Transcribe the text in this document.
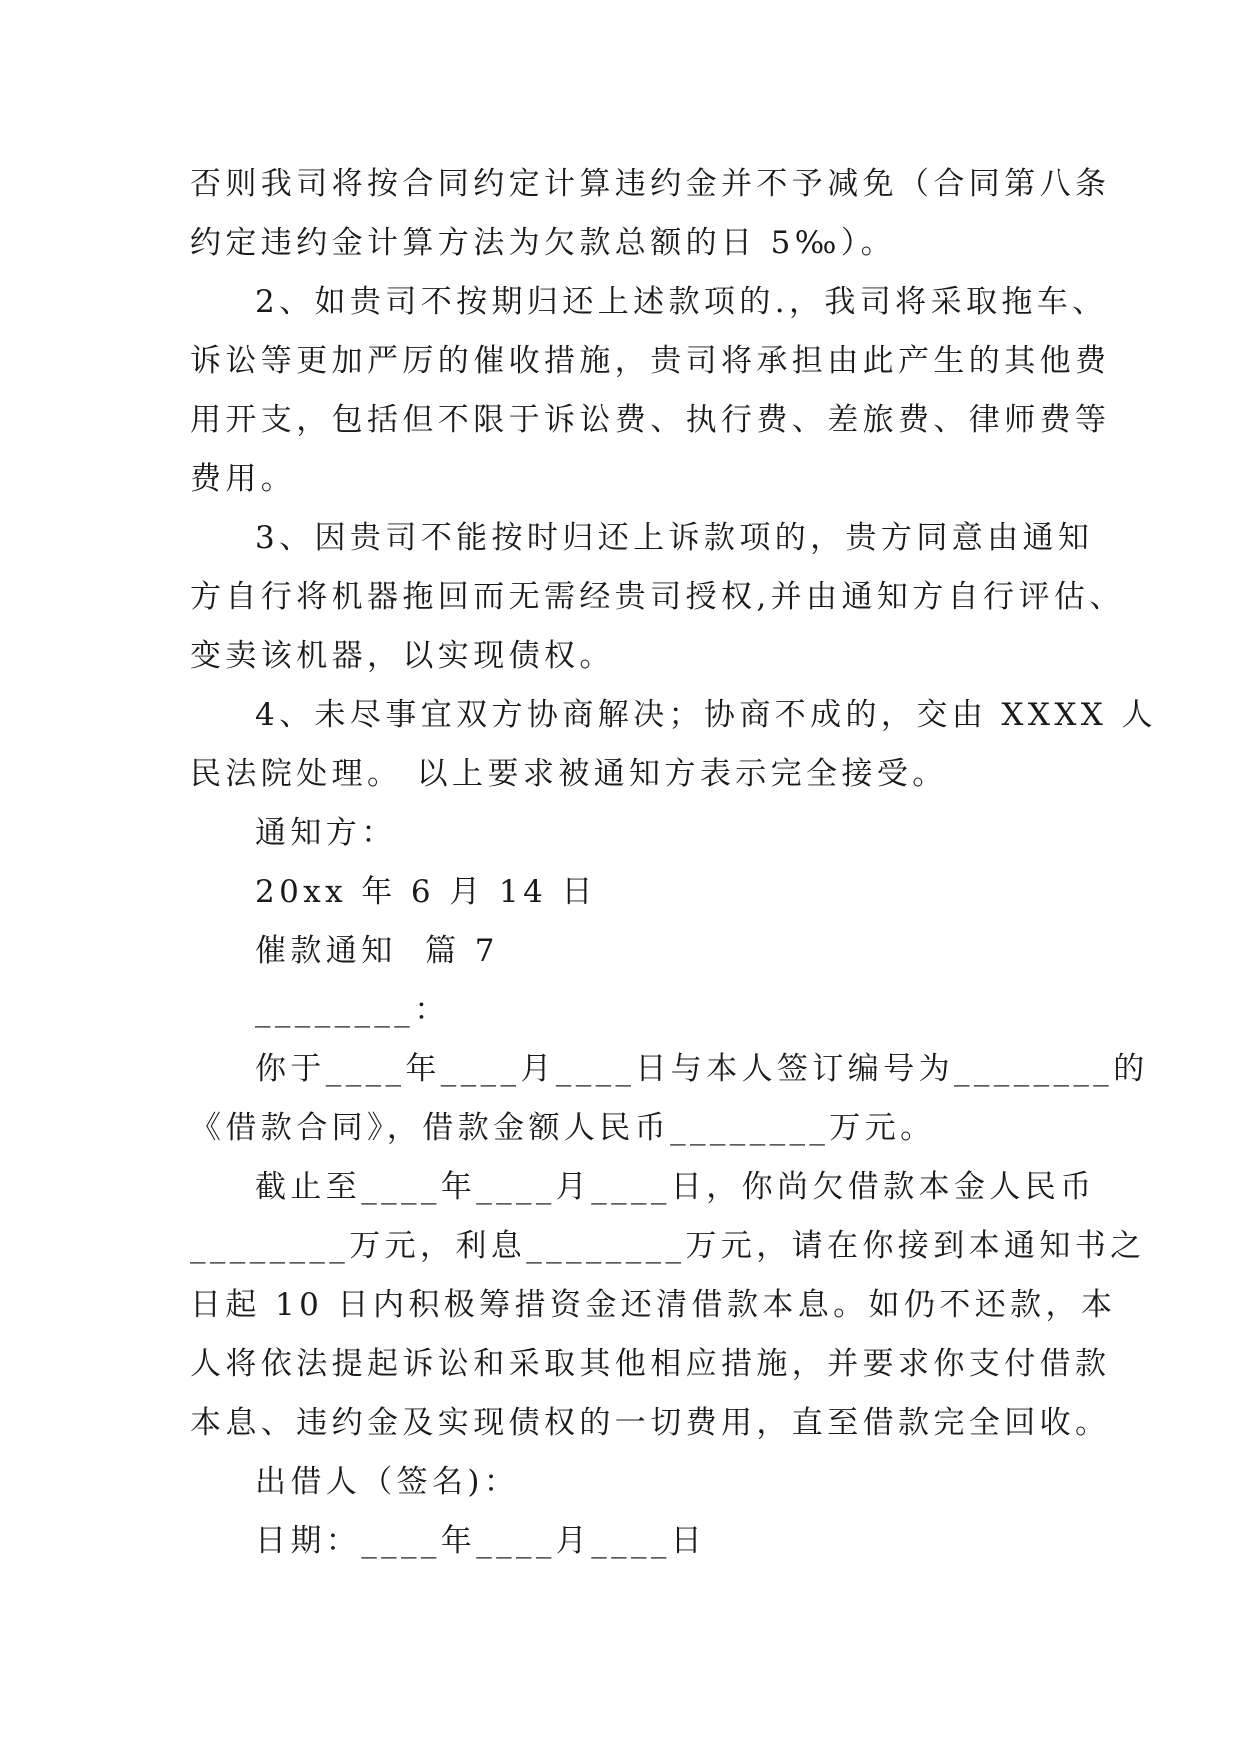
否则我司将按合同约定计算违约金并不予减免（合同第八条
约定违约金计算方法为欠款总额的日 5‰）。
2、如贵司不按期归还上述款项的.，我司将采取拖车、
诉讼等更加严厉的催收措施，贵司将承担由此产生的其他费
用开支，包括但不限于诉讼费、执行费、差旅费、律师费等
费用。
3、因贵司不能按时归还上诉款项的，贵方同意由通知
方自行将机器拖回而无需经贵司授权,并由通知方自行评估、
变卖该机器，以实现债权。
4、未尽事宜双方协商解决；协商不成的，交由 XXXX 人
民法院处理。 以上要求被通知方表示完全接受。
通知方：
20xx 年 6 月 14 日
催款通知  篇 7
________：
你于____年____月____日与本人签订编号为________的
《借款合同》，借款金额人民币________万元。
截止至____年____月____日，你尚欠借款本金人民币
________万元，利息________万元，请在你接到本通知书之
日起 10 日内积极筹措资金还清借款本息。如仍不还款，本
人将依法提起诉讼和采取其他相应措施，并要求你支付借款
本息、违约金及实现债权的一切费用，直至借款完全回收。
出借人（签名)：
日期：____年____月____日
